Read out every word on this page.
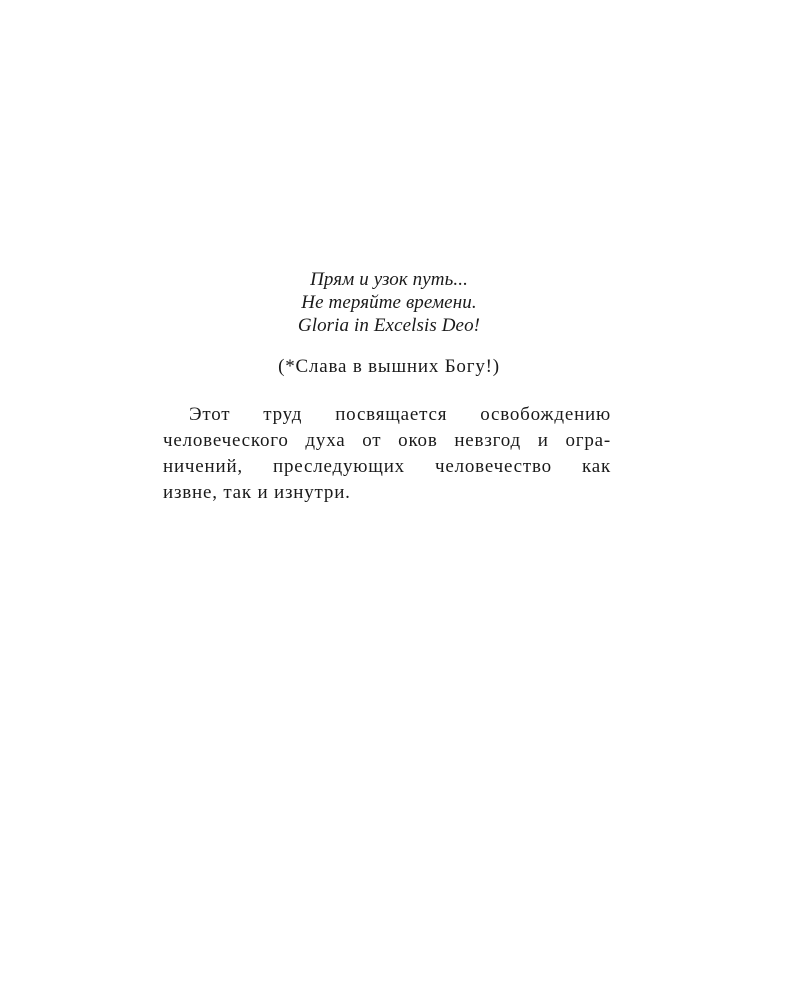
Прям и узок путь...
Не теряйте времени.
Gloria in Excelsis Deo!
(*Слава в вышних Богу!)
Этот труд посвящается освобождению
человеческого духа от оков невзгод и огра-
ничений, преследующих человечество как
извне, так и изнутри.
